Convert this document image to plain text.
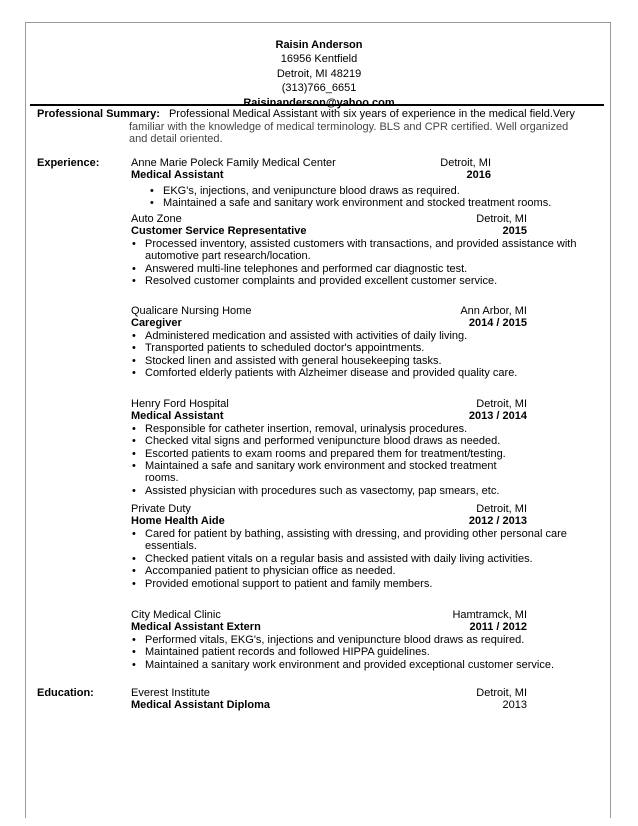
Raisin Anderson
16956 Kentfield
Detroit, MI 48219
(313)766_6651
Raisinanderson@yahoo.com
Professional Summary: Professional Medical Assistant with six years of experience in the medical field.Very
familiar with the knowledge of medical terminology. BLS and CPR certified. Well organized
and detail oriented.
Experience:	Anne Marie Poleck Family Medical Center	Detroit, MI
Medical Assistant	2016
• EKG's, injections, and venipuncture blood draws as required.
• Maintained a safe and sanitary work environment and stocked treatment rooms.
Auto Zone	Detroit, MI
Customer Service Representative	2015
• Processed inventory, assisted customers with transactions, and provided assistance with automotive part research/location.
• Answered multi-line telephones and performed car diagnostic test.
• Resolved customer complaints and provided excellent customer service.
Qualicare Nursing Home	Ann Arbor, MI
Caregiver	2014 / 2015
• Administered medication and assisted with activities of daily living.
• Transported patients to scheduled doctor's appointments.
• Stocked linen and assisted with general housekeeping tasks.
• Comforted elderly patients with Alzheimer disease and provided quality care.
Henry Ford Hospital	Detroit, MI
Medical Assistant	2013 / 2014
• Responsible for catheter insertion, removal, urinalysis procedures.
• Checked vital signs and performed venipuncture blood draws as needed.
• Escorted patients to exam rooms and prepared them for treatment/testing.
• Maintained a safe and sanitary work environment and stocked treatment rooms.
• Assisted physician with procedures such as vasectomy, pap smears, etc.
Private Duty	Detroit, MI
Home Health Aide	2012 / 2013
• Cared for patient by bathing, assisting with dressing, and providing other personal care essentials.
• Checked patient vitals on a regular basis and assisted with daily living activities.
• Accompanied patient to physician office as needed.
• Provided emotional support to patient and family members.
City Medical Clinic	Hamtramck, MI
Medical Assistant Extern	2011 / 2012
• Performed vitals, EKG's, injections and venipuncture blood draws as required.
• Maintained patient records and followed HIPPA guidelines.
• Maintained a sanitary work environment and provided exceptional customer service.
Education:	Everest Institute	Detroit, MI
Medical Assistant Diploma	2013
